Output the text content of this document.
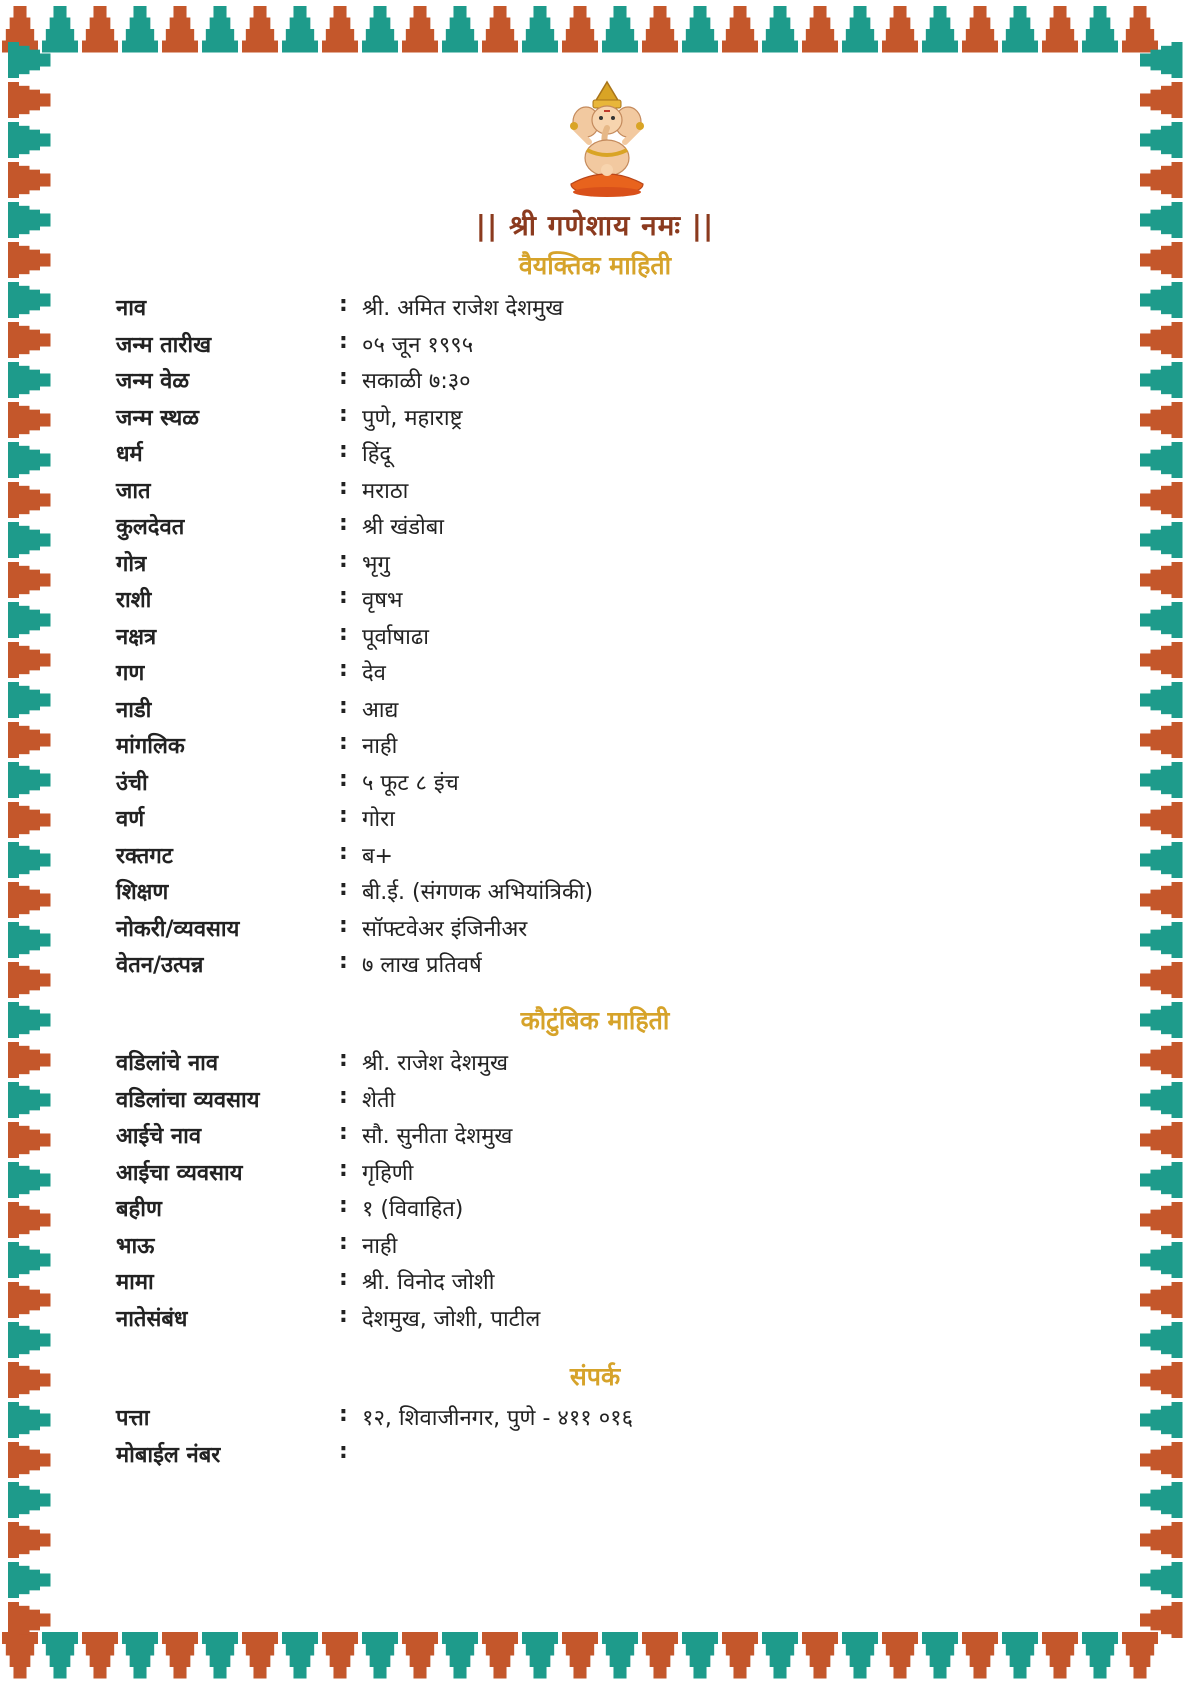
|| श्री गणेशाय नमः ||
वैयक्तिक माहिती
नाव	: श्री. अमित राजेश देशमुख
जन्म तारीख	: ०५ जून १९९५
जन्म वेळ	: सकाळी ७:३०
जन्म स्थळ	: पुणे, महाराष्ट्र
धर्म	: हिंदू
जात	: मराठा
कुलदेवत	: श्री खंडोबा
गोत्र	: भृगु
राशी	: वृषभ
नक्षत्र	: पूर्वाषाढा
गण	: देव
नाडी	: आद्य
मांगलिक	: नाही
उंची	: ५ फूट ८ इंच
वर्ण	: गोरा
रक्तगट	: ब+
शिक्षण	: बी.ई. (संगणक अभियांत्रिकी)
नोकरी/व्यवसाय	: सॉफ्टवेअर इंजिनीअर
वेतन/उत्पन्न	: ७ लाख प्रतिवर्ष
कौटुंबिक माहिती
वडिलांचे नाव	: श्री. राजेश देशमुख
वडिलांचा व्यवसाय	: शेती
आईचे नाव	: सौ. सुनीता देशमुख
आईचा व्यवसाय	: गृहिणी
बहीण	: १ (विवाहित)
भाऊ	: नाही
मामा	: श्री. विनोद जोशी
नातेसंबंध	: देशमुख, जोशी, पाटील
संपर्क
पत्ता	: १२, शिवाजीनगर, पुणे - ४११ ०१६
मोबाईल नंबर	:
